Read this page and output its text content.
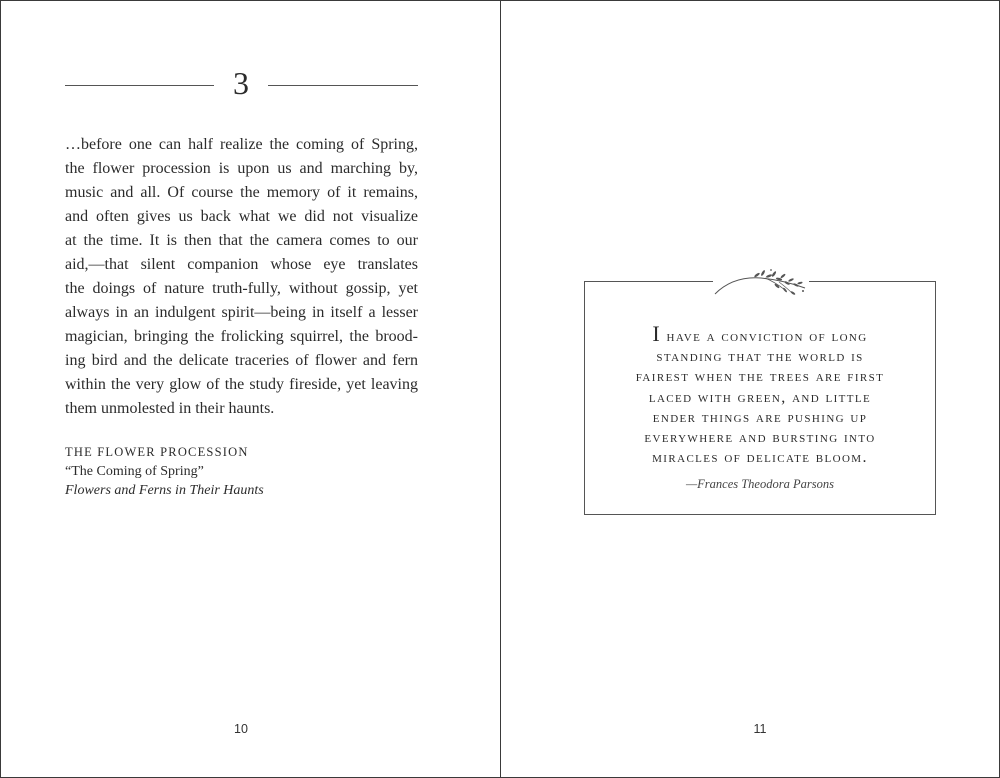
3
…before one can half realize the coming of Spring,
the flower procession is upon us and marching by,
music and all. Of course the memory of it remains,
and often gives us back what we did not visualize
at the time. It is then that the camera comes to our
aid,—that silent companion whose eye translates
the doings of nature truth-fully, without gossip, yet
always in an indulgent spirit—being in itself a lesser
magician, bringing the frolicking squirrel, the brood-
ing bird and the delicate traceries of flower and fern
within the very glow of the study fireside, yet leaving
them unmolested in their haunts.
THE FLOWER PROCESSION
“The Coming of Spring”
Flowers and Ferns in Their Haunts
10
I have a conviction of long
standing that the world is
fairest when the trees are first
laced with green, and little
ender things are pushing up
everywhere and bursting into
miracles of delicate bloom.
—Frances Theodora Parsons
11
